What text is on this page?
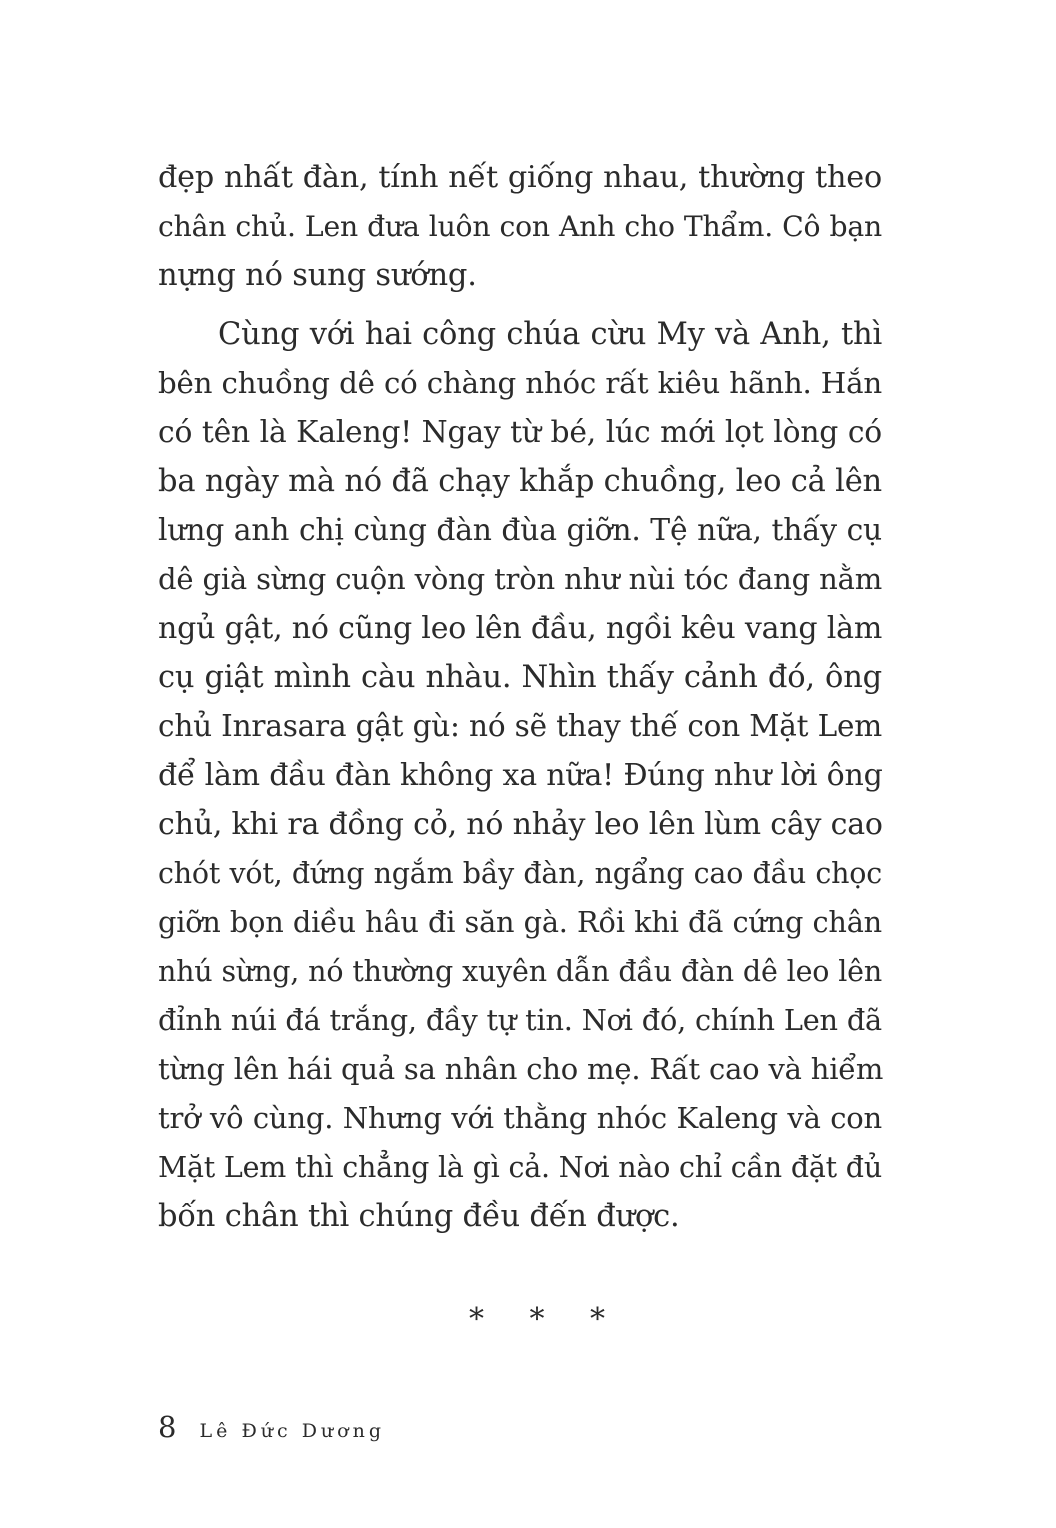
đẹp nhất đàn, tính nết giống nhau, thường theo
chân chủ. Len đưa luôn con Anh cho Thẩm. Cô bạn
nựng nó sung sướng.
Cùng với hai công chúa cừu My và Anh, thì
bên chuồng dê có chàng nhóc rất kiêu hãnh. Hắn
có tên là Kaleng! Ngay từ bé, lúc mới lọt lòng có
ba ngày mà nó đã chạy khắp chuồng, leo cả lên
lưng anh chị cùng đàn đùa giỡn. Tệ nữa, thấy cụ
dê già sừng cuộn vòng tròn như nùi tóc đang nằm
ngủ gật, nó cũng leo lên đầu, ngồi kêu vang làm
cụ giật mình càu nhàu. Nhìn thấy cảnh đó, ông
chủ Inrasara gật gù: nó sẽ thay thế con Mặt Lem
để làm đầu đàn không xa nữa! Đúng như lời ông
chủ, khi ra đồng cỏ, nó nhảy leo lên lùm cây cao
chót vót, đứng ngắm bầy đàn, ngẩng cao đầu chọc
giỡn bọn diều hâu đi săn gà. Rồi khi đã cứng chân
nhú sừng, nó thường xuyên dẫn đầu đàn dê leo lên
đỉnh núi đá trắng, đầy tự tin. Nơi đó, chính Len đã
từng lên hái quả sa nhân cho mẹ. Rất cao và hiểm
trở vô cùng. Nhưng với thằng nhóc Kaleng và con
Mặt Lem thì chẳng là gì cả. Nơi nào chỉ cần đặt đủ
bốn chân thì chúng đều đến được.
* * *
8 Lê Đức Dương
